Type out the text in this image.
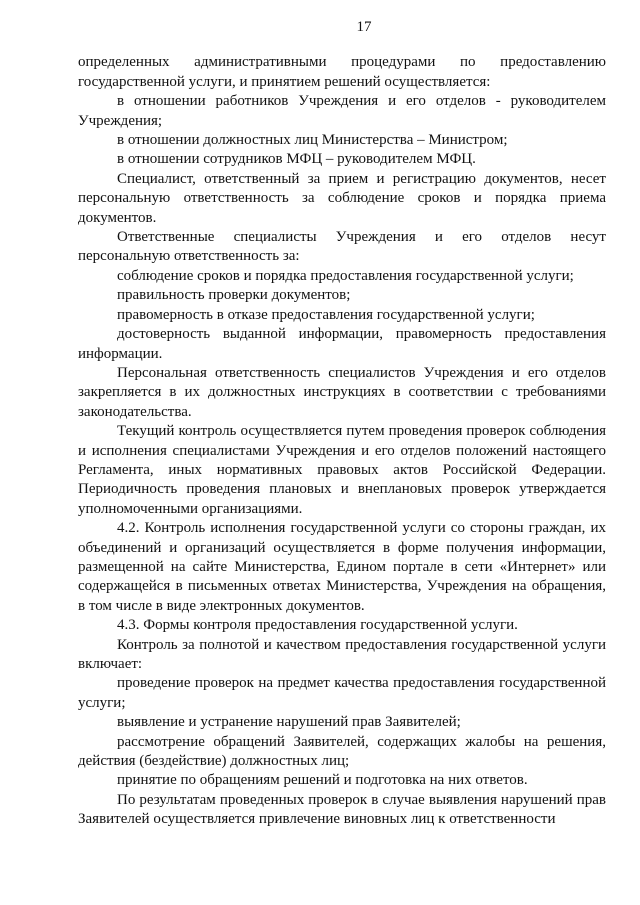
17

определенных административными процедурами по предоставлению государственной услуги, и принятием решений осуществляется:

в отношении работников Учреждения и его отделов - руководителем Учреждения;

в отношении должностных лиц Министерства – Министром;

в отношении сотрудников МФЦ – руководителем МФЦ.

Специалист, ответственный за прием и регистрацию документов, несет персональную ответственность за соблюдение сроков и порядка приема документов.

Ответственные специалисты Учреждения и его отделов несут персональную ответственность за:

соблюдение сроков и порядка предоставления государственной услуги;

правильность проверки документов;

правомерность в отказе предоставления государственной услуги;

достоверность выданной информации, правомерность предоставления информации.

Персональная ответственность специалистов Учреждения и его отделов закрепляется в их должностных инструкциях в соответствии с требованиями законодательства.

Текущий контроль осуществляется путем проведения проверок соблюдения и исполнения специалистами Учреждения и его отделов положений настоящего Регламента, иных нормативных правовых актов Российской Федерации. Периодичность проведения плановых и внеплановых проверок утверждается уполномоченными организациями.

4.2. Контроль исполнения государственной услуги со стороны граждан, их объединений и организаций осуществляется в форме получения информации, размещенной на сайте Министерства, Едином портале в сети «Интернет» или содержащейся в письменных ответах Министерства, Учреждения на обращения, в том числе в виде электронных документов.

4.3. Формы контроля предоставления государственной услуги.

Контроль за полнотой и качеством предоставления государственной услуги включает:

проведение проверок на предмет качества предоставления государственной услуги;

выявление и устранение нарушений прав Заявителей;

рассмотрение обращений Заявителей, содержащих жалобы на решения, действия (бездействие) должностных лиц;

принятие по обращениям решений и подготовка на них ответов.

По результатам проведенных проверок в случае выявления нарушений прав Заявителей осуществляется привлечение виновных лиц к ответственности
